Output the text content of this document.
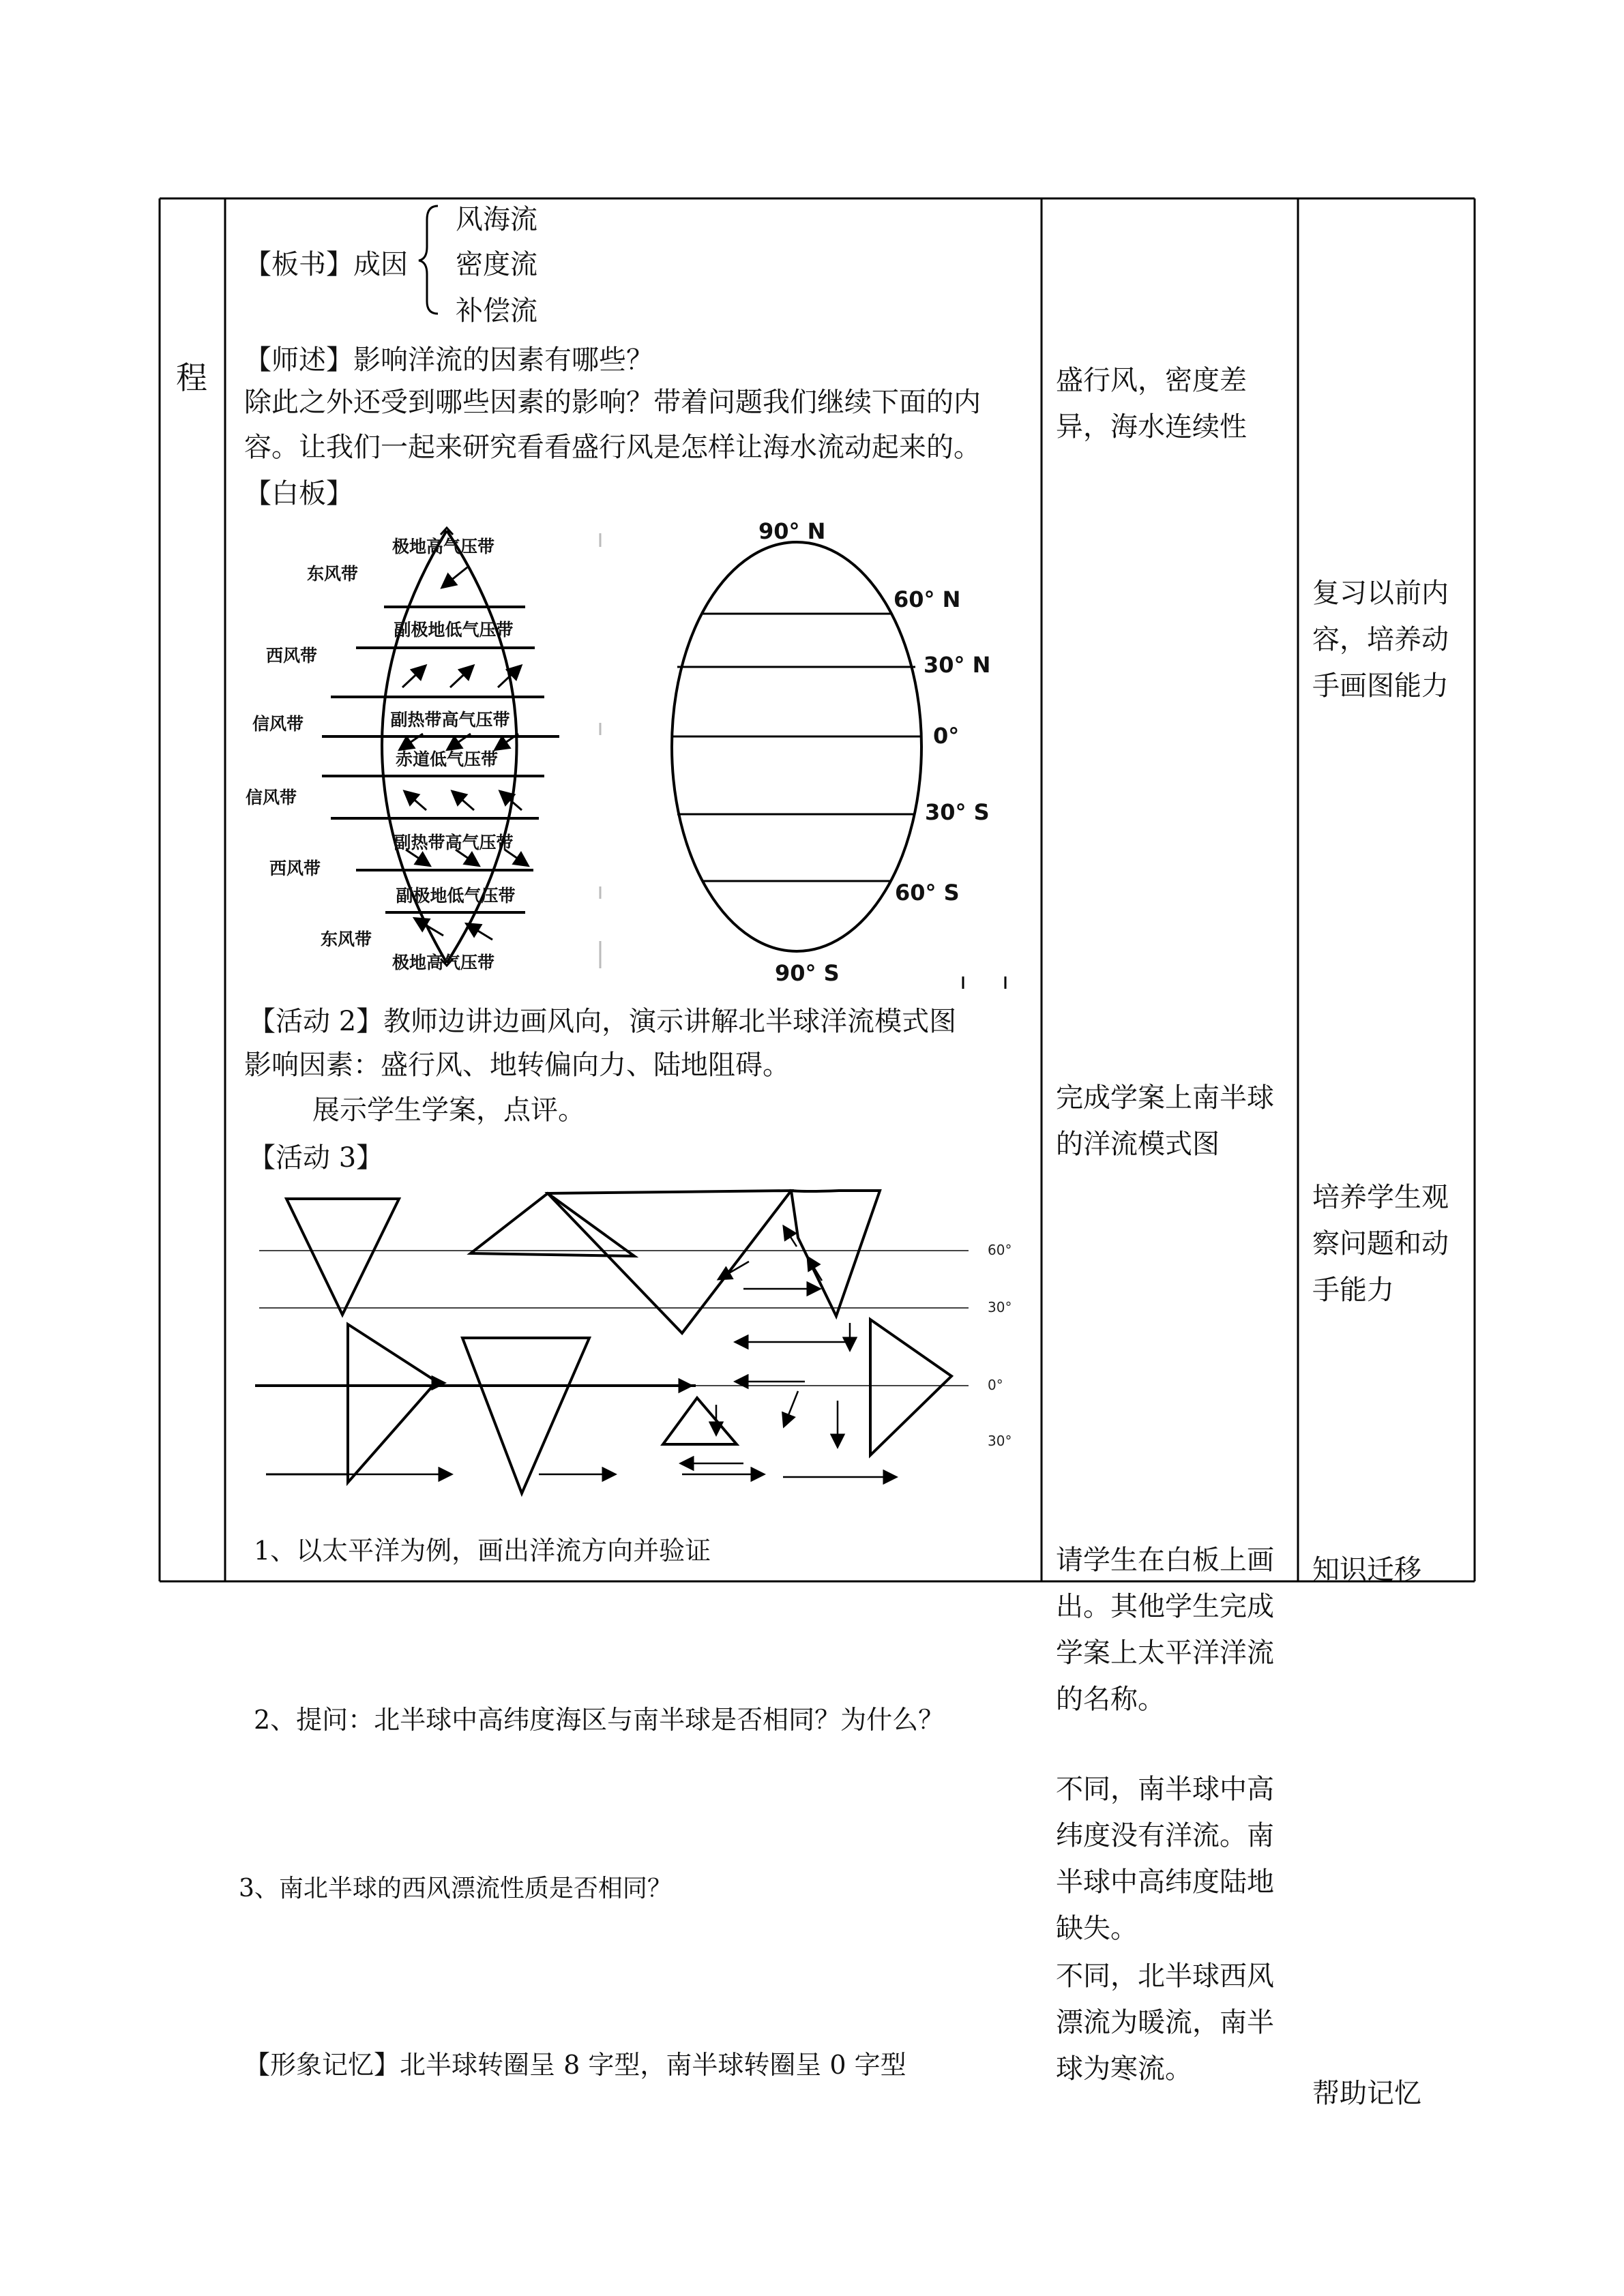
程
【板书】成因
风海流
密度流
补偿流
【师述】影响洋流的因素有哪些？
除此之外还受到哪些因素的影响？带着问题我们继续下面的内
容。让我们一起来研究看看盛行风是怎样让海水流动起来的。
【白板】
极地高气压带
副极地低气压带
副热带高气压带
赤道低气压带
副热带高气压带
副极地低气压带
极地高气压带
东风带
西风带
信风带
信风带
西风带
东风带
90° N
60° N
30° N
0°
30° S
60° S
90° S
【活动 2】教师边讲边画风向，演示讲解北半球洋流模式图
影响因素：盛行风、地转偏向力、陆地阻碍。
展示学生学案，点评。
【活动 3】
60°
30°
0°
30°
1、以太平洋为例，画出洋流方向并验证
2、提问：北半球中高纬度海区与南半球是否相同？为什么？
3、南北半球的西风漂流性质是否相同？
【形象记忆】北半球转圈呈 8 字型，南半球转圈呈 0 字型
盛行风，密度差异，海水连续性
完成学案上南半球的洋流模式图
请学生在白板上画出。其他学生完成学案上太平洋洋流的名称。
不同，南半球中高纬度没有洋流。南半球中高纬度陆地缺失。
不同，北半球西风漂流为暖流，南半球为寒流。
复习以前内容，培养动手画图能力
培养学生观察问题和动手能力
知识迁移
帮助记忆
